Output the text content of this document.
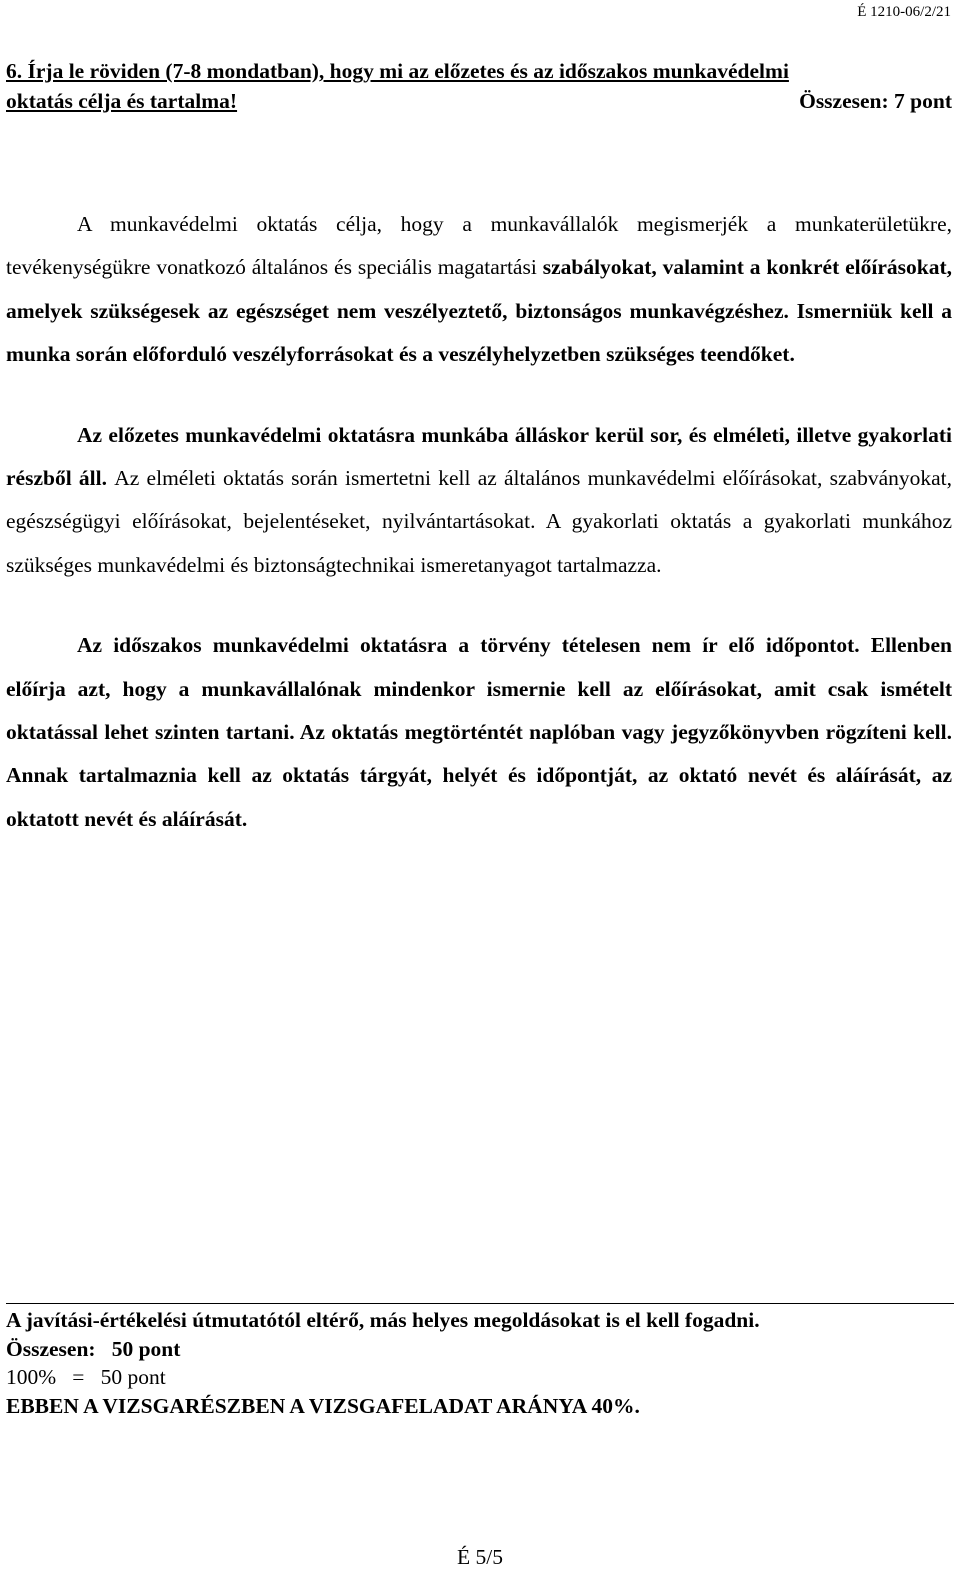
É 1210-06/2/21
6. Írja le röviden (7-8 mondatban), hogy mi az előzetes és az időszakos munkavédelmi
oktatás célja és tartalma!	Összesen: 7 pont

A munkavédelmi oktatás célja, hogy a munkavállalók megismerjék a munkaterületükre, tevékenységükre vonatkozó általános és speciális magatartási szabályokat, valamint a konkrét előírásokat, amelyek szükségesek az egészséget nem veszélyeztető, biztonságos munkavégzéshez. Ismerniük kell a munka során előforduló veszélyforrásokat és a veszélyhelyzetben szükséges teendőket.

Az előzetes munkavédelmi oktatásra munkába álláskor kerül sor, és elméleti, illetve gyakorlati részből áll. Az elméleti oktatás során ismertetni kell az általános munkavédelmi előírásokat, szabványokat, egészségügyi előírásokat, bejelentéseket, nyilvántartásokat. A gyakorlati oktatás a gyakorlati munkához szükséges munkavédelmi és biztonságtechnikai ismeretanyagot tartalmazza.

Az időszakos munkavédelmi oktatásra a törvény tételesen nem ír elő időpontot. Ellenben előírja azt, hogy a munkavállalónak mindenkor ismernie kell az előírásokat, amit csak ismételt oktatással lehet szinten tartani. Az oktatás megtörténtét naplóban vagy jegyzőkönyvben rögzíteni kell. Annak tartalmaznia kell az oktatás tárgyát, helyét és időpontját, az oktató nevét és aláírását, az oktatott nevét és aláírását.

A javítási-értékelési útmutatótól eltérő, más helyes megoldásokat is el kell fogadni.
Összesen: 50 pont
100% = 50 pont
EBBEN A VIZSGARÉSZBEN A VIZSGAFELADAT ARÁNYA 40%.
É 5/5
